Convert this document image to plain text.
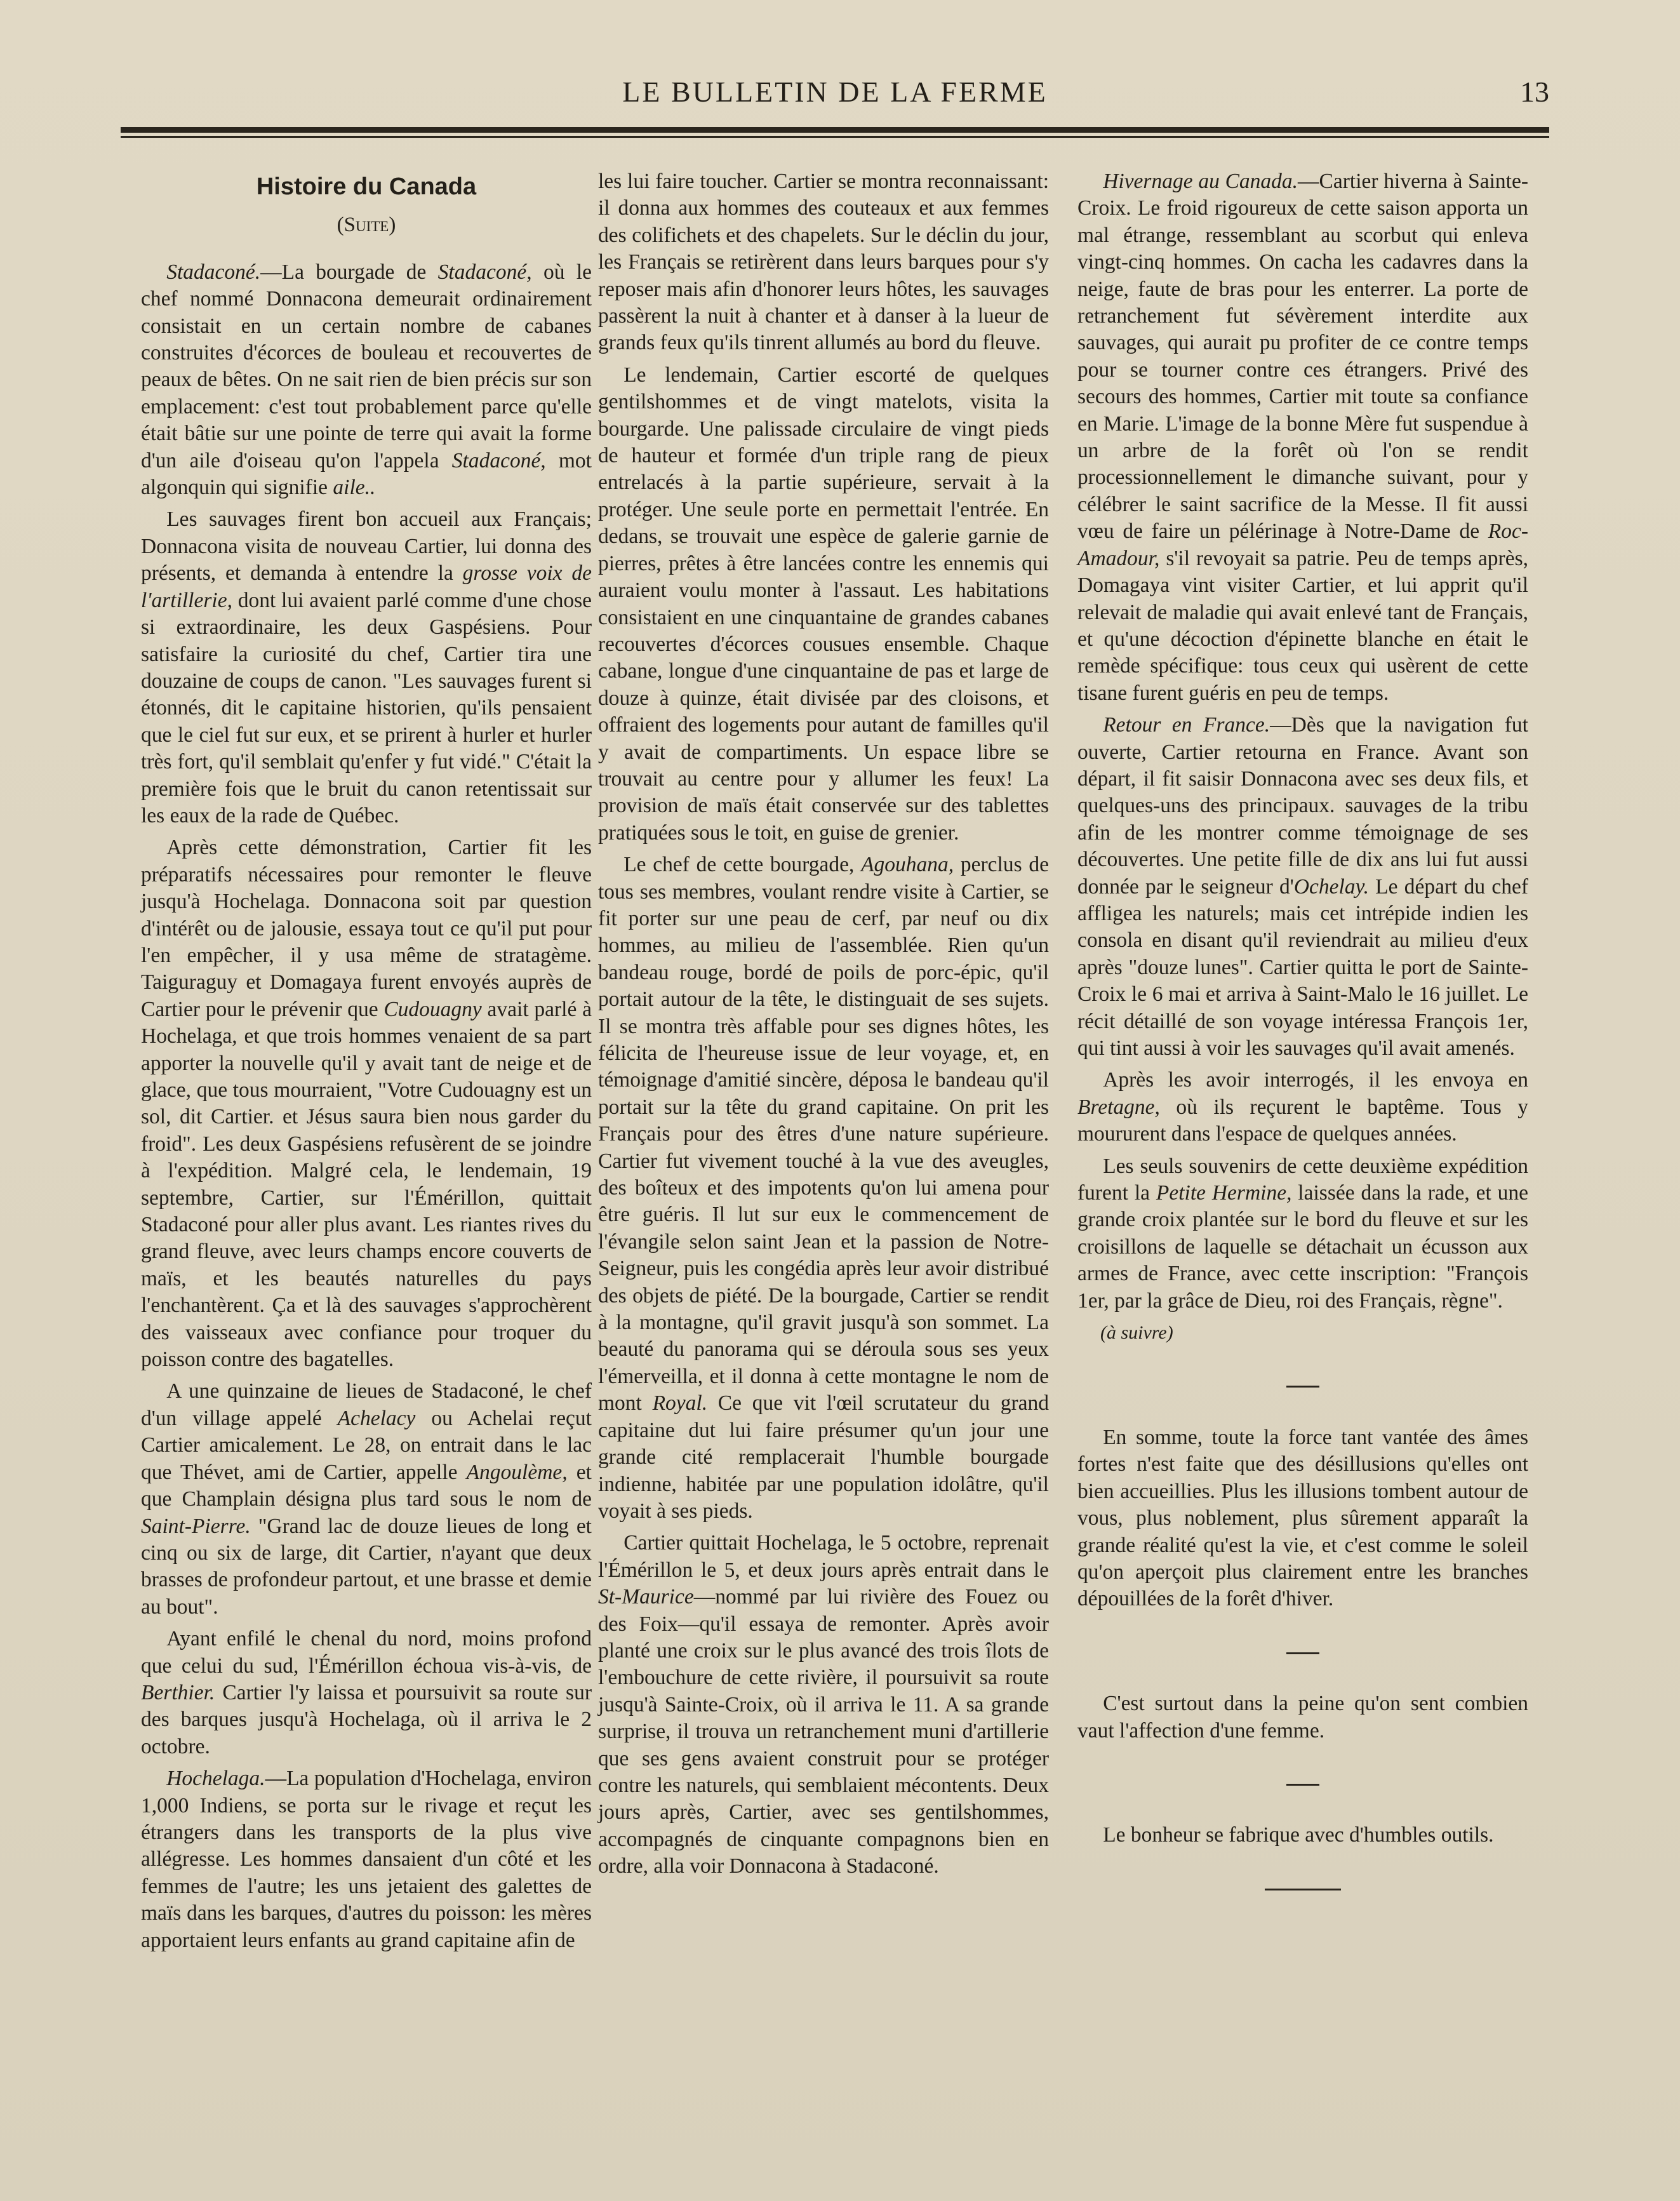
LE BULLETIN DE LA FERME	13
Histoire du Canada
(Suite)

Stadaconé.—La bourgade de Stadaconé, où le chef nommé Donnacona demeurait ordinairement consistait en un certain nombre de cabanes construites d'écorces de bouleau et recouvertes de peaux de bêtes. On ne sait rien de bien précis sur son emplacement: c'est tout probablement parce qu'elle était bâtie sur une pointe de terre qui avait la forme d'un aile d'oiseau qu'on l'appela Stadaconé, mot algonquin qui signifie aile..

Les sauvages firent bon accueil aux Français; Donnacona visita de nouveau Cartier, lui donna des présents, et demanda à entendre la grosse voix de l'artillerie, dont lui avaient parlé comme d'une chose si extraordinaire, les deux Gaspésiens. Pour satisfaire la curiosité du chef, Cartier tira une douzaine de coups de canon. "Les sauvages furent si étonnés, dit le capitaine historien, qu'ils pensaient que le ciel fut sur eux, et se prirent à hurler et hurler très fort, qu'il semblait qu'enfer y fut vidé." C'était la première fois que le bruit du canon retentissait sur les eaux de la rade de Québec.

Après cette démonstration, Cartier fit les préparatifs nécessaires pour remonter le fleuve jusqu'à Hochelaga. Donnacona soit par question d'intérêt ou de jalousie, essaya tout ce qu'il put pour l'en empêcher, il y usa même de stratagème. Taiguraguy et Domagaya furent envoyés auprès de Cartier pour le prévenir que Cudouagny avait parlé à Hochelaga, et que trois hommes venaient de sa part apporter la nouvelle qu'il y avait tant de neige et de glace, que tous mourraient, "Votre Cudouagny est un sol, dit Cartier. et Jésus saura bien nous garder du froid". Les deux Gaspésiens refusèrent de se joindre à l'expédition. Malgré cela, le lendemain, 19 septembre, Cartier, sur l'Émérillon, quittait Stadaconé pour aller plus avant. Les riantes rives du grand fleuve, avec leurs champs encore couverts de maïs, et les beautés naturelles du pays l'enchantèrent. Ça et là des sauvages s'approchèrent des vaisseaux avec confiance pour troquer du poisson contre des bagatelles.

A une quinzaine de lieues de Stadaconé, le chef d'un village appelé Achelacy ou Achelai reçut Cartier amicalement. Le 28, on entrait dans le lac que Thévet, ami de Cartier, appelle Angoulème, et que Champlain désigna plus tard sous le nom de Saint-Pierre. "Grand lac de douze lieues de long et cinq ou six de large, dit Cartier, n'ayant que deux brasses de profondeur partout, et une brasse et demie au bout".

Ayant enfilé le chenal du nord, moins profond que celui du sud, l'Émérillon échoua vis-à-vis, de Berthier. Cartier l'y laissa et poursuivit sa route sur des barques jusqu'à Hochelaga, où il arriva le 2 octobre.

Hochelaga.—La population d'Hochelaga, environ 1,000 Indiens, se porta sur le rivage et reçut les étrangers dans les transports de la plus vive allégresse. Les hommes dansaient d'un côté et les femmes de l'autre; les uns jetaient des galettes de maïs dans les barques, d'autres du poisson: les mères apportaient leurs enfants au grand capitaine afin de

les lui faire toucher. Cartier se montra reconnaissant: il donna aux hommes des couteaux et aux femmes des colifichets et des chapelets. Sur le déclin du jour, les Français se retirèrent dans leurs barques pour s'y reposer mais afin d'honorer leurs hôtes, les sauvages passèrent la nuit à chanter et à danser à la lueur de grands feux qu'ils tinrent allumés au bord du fleuve.

Le lendemain, Cartier escorté de quelques gentilshommes et de vingt matelots, visita la bourgarde. Une palissade circulaire de vingt pieds de hauteur et formée d'un triple rang de pieux entrelacés à la partie supérieure, servait à la protéger. Une seule porte en permettait l'entrée. En dedans, se trouvait une espèce de galerie garnie de pierres, prêtes à être lancées contre les ennemis qui auraient voulu monter à l'assaut. Les habitations consistaient en une cinquantaine de grandes cabanes recouvertes d'écorces cousues ensemble. Chaque cabane, longue d'une cinquantaine de pas et large de douze à quinze, était divisée par des cloisons, et offraient des logements pour autant de familles qu'il y avait de compartiments. Un espace libre se trouvait au centre pour y allumer les feux! La provision de maïs était conservée sur des tablettes pratiquées sous le toit, en guise de grenier.

Le chef de cette bourgade, Agouhana, perclus de tous ses membres, voulant rendre visite à Cartier, se fit porter sur une peau de cerf, par neuf ou dix hommes, au milieu de l'assemblée. Rien qu'un bandeau rouge, bordé de poils de porc-épic, qu'il portait autour de la tête, le distinguait de ses sujets. Il se montra très affable pour ses dignes hôtes, les félicita de l'heureuse issue de leur voyage, et, en témoignage d'amitié sincère, déposa le bandeau qu'il portait sur la tête du grand capitaine. On prit les Français pour des êtres d'une nature supérieure. Cartier fut vivement touché à la vue des aveugles, des boîteux et des impotents qu'on lui amena pour être guéris. Il lut sur eux le commencement de l'évangile selon saint Jean et la passion de Notre-Seigneur, puis les congédia après leur avoir distribué des objets de piété. De la bourgade, Cartier se rendit à la montagne, qu'il gravit jusqu'à son sommet. La beauté du panorama qui se déroula sous ses yeux l'émerveilla, et il donna à cette montagne le nom de mont Royal. Ce que vit l'œil scrutateur du grand capitaine dut lui faire présumer qu'un jour une grande cité remplacerait l'humble bourgade indienne, habitée par une population idolâtre, qu'il voyait à ses pieds.

Cartier quittait Hochelaga, le 5 octobre, reprenait l'Émérillon le 5, et deux jours après entrait dans le St-Maurice—nommé par lui rivière des Fouez ou des Foix—qu'il essaya de remonter. Après avoir planté une croix sur le plus avancé des trois îlots de l'embouchure de cette rivière, il poursuivit sa route jusqu'à Sainte-Croix, où il arriva le 11. A sa grande surprise, il trouva un retranchement muni d'artillerie que ses gens avaient construit pour se protéger contre les naturels, qui semblaient mécontents. Deux jours après, Cartier, avec ses gentilshommes, accompagnés de cinquante compagnons bien en ordre, alla voir Donnacona à Stadaconé.

Hivernage au Canada.—Cartier hiverna à Sainte-Croix. Le froid rigoureux de cette saison apporta un mal étrange, ressemblant au scorbut qui enleva vingt-cinq hommes. On cacha les cadavres dans la neige, faute de bras pour les enterrer. La porte de retranchement fut sévèrement interdite aux sauvages, qui aurait pu profiter de ce contre temps pour se tourner contre ces étrangers. Privé des secours des hommes, Cartier mit toute sa confiance en Marie. L'image de la bonne Mère fut suspendue à un arbre de la forêt où l'on se rendit processionnellement le dimanche suivant, pour y célébrer le saint sacrifice de la Messe. Il fit aussi vœu de faire un pélérinage à Notre-Dame de Roc-Amadour, s'il revoyait sa patrie. Peu de temps après, Domagaya vint visiter Cartier, et lui apprit qu'il relevait de maladie qui avait enlevé tant de Français, et qu'une décoction d'épinette blanche en était le remède spécifique: tous ceux qui usèrent de cette tisane furent guéris en peu de temps.

Retour en France.—Dès que la navigation fut ouverte, Cartier retourna en France. Avant son départ, il fit saisir Donnacona avec ses deux fils, et quelques-uns des principaux. sauvages de la tribu afin de les montrer comme témoignage de ses découvertes. Une petite fille de dix ans lui fut aussi donnée par le seigneur d'Ochelay. Le départ du chef affligea les naturels; mais cet intrépide indien les consola en disant qu'il reviendrait au milieu d'eux après "douze lunes". Cartier quitta le port de Sainte-Croix le 6 mai et arriva à Saint-Malo le 16 juillet. Le récit détaillé de son voyage intéressa François 1er, qui tint aussi à voir les sauvages qu'il avait amenés.

Après les avoir interrogés, il les envoya en Bretagne, où ils reçurent le baptême. Tous y moururent dans l'espace de quelques années.

Les seuls souvenirs de cette deuxième expédition furent la Petite Hermine, laissée dans la rade, et une grande croix plantée sur le bord du fleuve et sur les croisillons de laquelle se détachait un écusson aux armes de France, avec cette inscription: "François 1er, par la grâce de Dieu, roi des Français, règne".

(à suivre)

En somme, toute la force tant vantée des âmes fortes n'est faite que des désillusions qu'elles ont bien accueillies. Plus les illusions tombent autour de vous, plus noblement, plus sûrement apparaît la grande réalité qu'est la vie, et c'est comme le soleil qu'on aperçoit plus clairement entre les branches dépouillées de la forêt d'hiver.

C'est surtout dans la peine qu'on sent combien vaut l'affection d'une femme.

Le bonheur se fabrique avec d'humbles outils.
